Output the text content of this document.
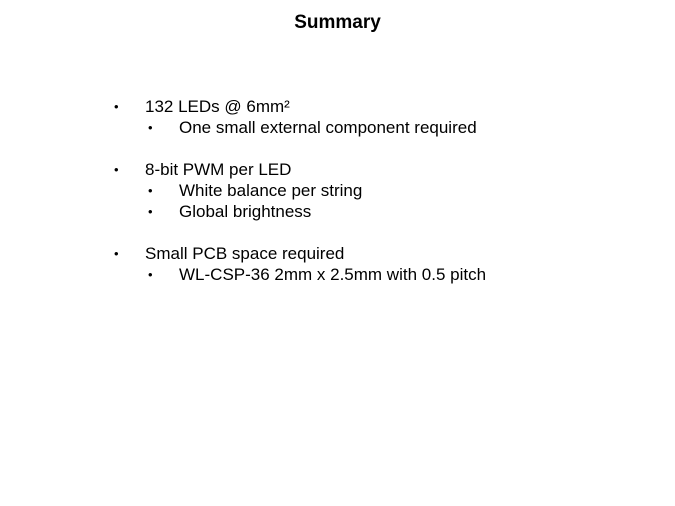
Summary
• 132 LEDs @ 6mm²
• One small external component required
• 8-bit PWM per LED
• White balance per string
• Global brightness
• Small PCB space required
• WL-CSP-36 2mm x 2.5mm with 0.5 pitch
